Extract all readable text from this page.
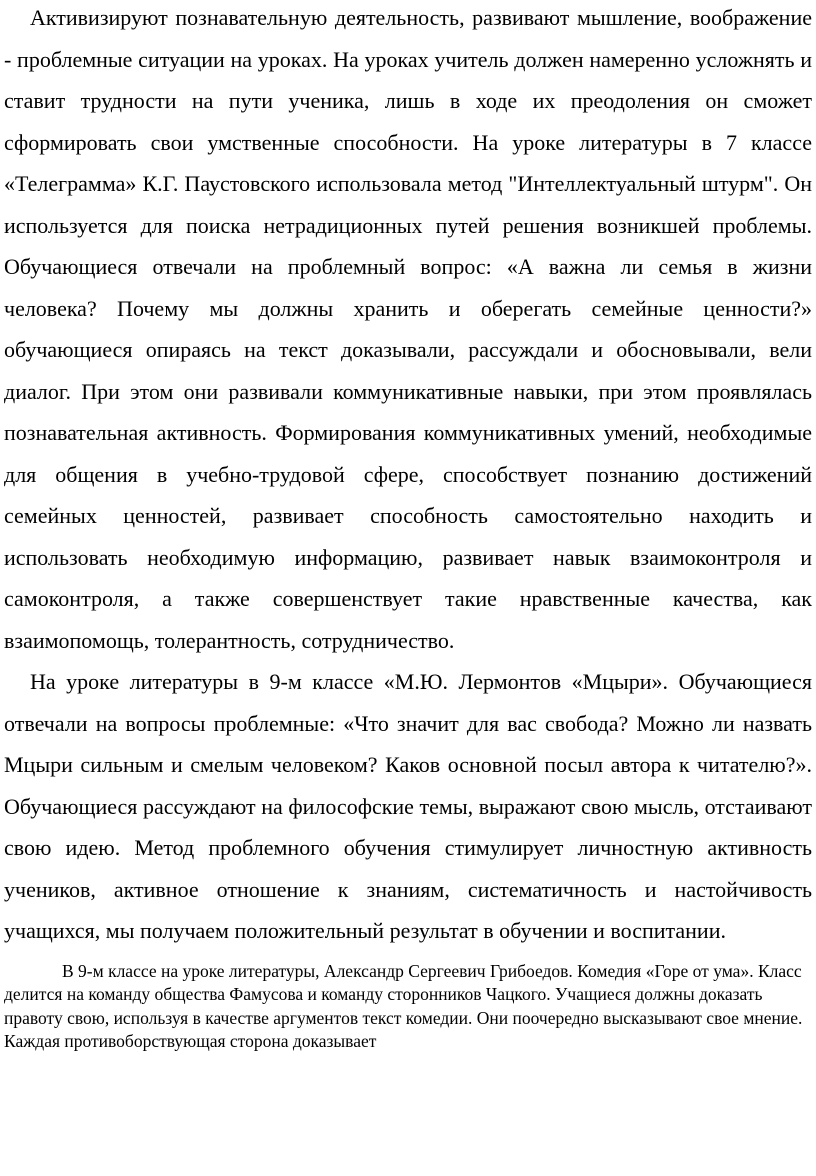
Активизируют познавательную деятельность, развивают мышление, воображение - проблемные ситуации на уроках. На уроках учитель должен намеренно усложнять и ставит трудности на пути ученика, лишь в ходе их преодоления он сможет сформировать свои умственные способности. На уроке литературы в 7 классе «Телеграмма» К.Г. Паустовского использовала метод "Интеллектуальный штурм". Он используется для поиска нетрадиционных путей решения возникшей проблемы. Обучающиеся отвечали на проблемный вопрос: «А важна ли семья в жизни человека? Почему мы должны хранить и оберегать семейные ценности?» обучающиеся опираясь на текст доказывали, рассуждали и обосновывали, вели диалог. При этом они развивали коммуникативные навыки, при этом проявлялась познавательная активность. Формирования коммуникативных умений, необходимые для общения в учебно-трудовой сфере, способствует познанию достижений семейных ценностей, развивает способность самостоятельно находить и использовать необходимую информацию, развивает навык взаимоконтроля и самоконтроля, а также совершенствует такие нравственные качества, как взаимопомощь, толерантность, сотрудничество.

На уроке литературы в 9-м классе «М.Ю. Лермонтов «Мцыри». Обучающиеся отвечали на вопросы проблемные: «Что значит для вас свобода? Можно ли назвать Мцыри сильным и смелым человеком? Каков основной посыл автора к читателю?». Обучающиеся рассуждают на философские темы, выражают свою мысль, отстаивают свою идею. Метод проблемного обучения стимулирует личностную активность учеников, активное отношение к знаниям, систематичность и настойчивость учащихся, мы получаем положительный результат в обучении и воспитании.

В 9-м классе на уроке литературы, Александр Сергеевич Грибоедов. Комедия «Горе от ума». Класс делится на команду общества Фамусова и команду сторонников Чацкого. Учащиеся должны доказать правоту свою, используя в качестве аргументов текст комедии. Они поочередно высказывают свое мнение. Каждая противоборствующая сторона доказывает
